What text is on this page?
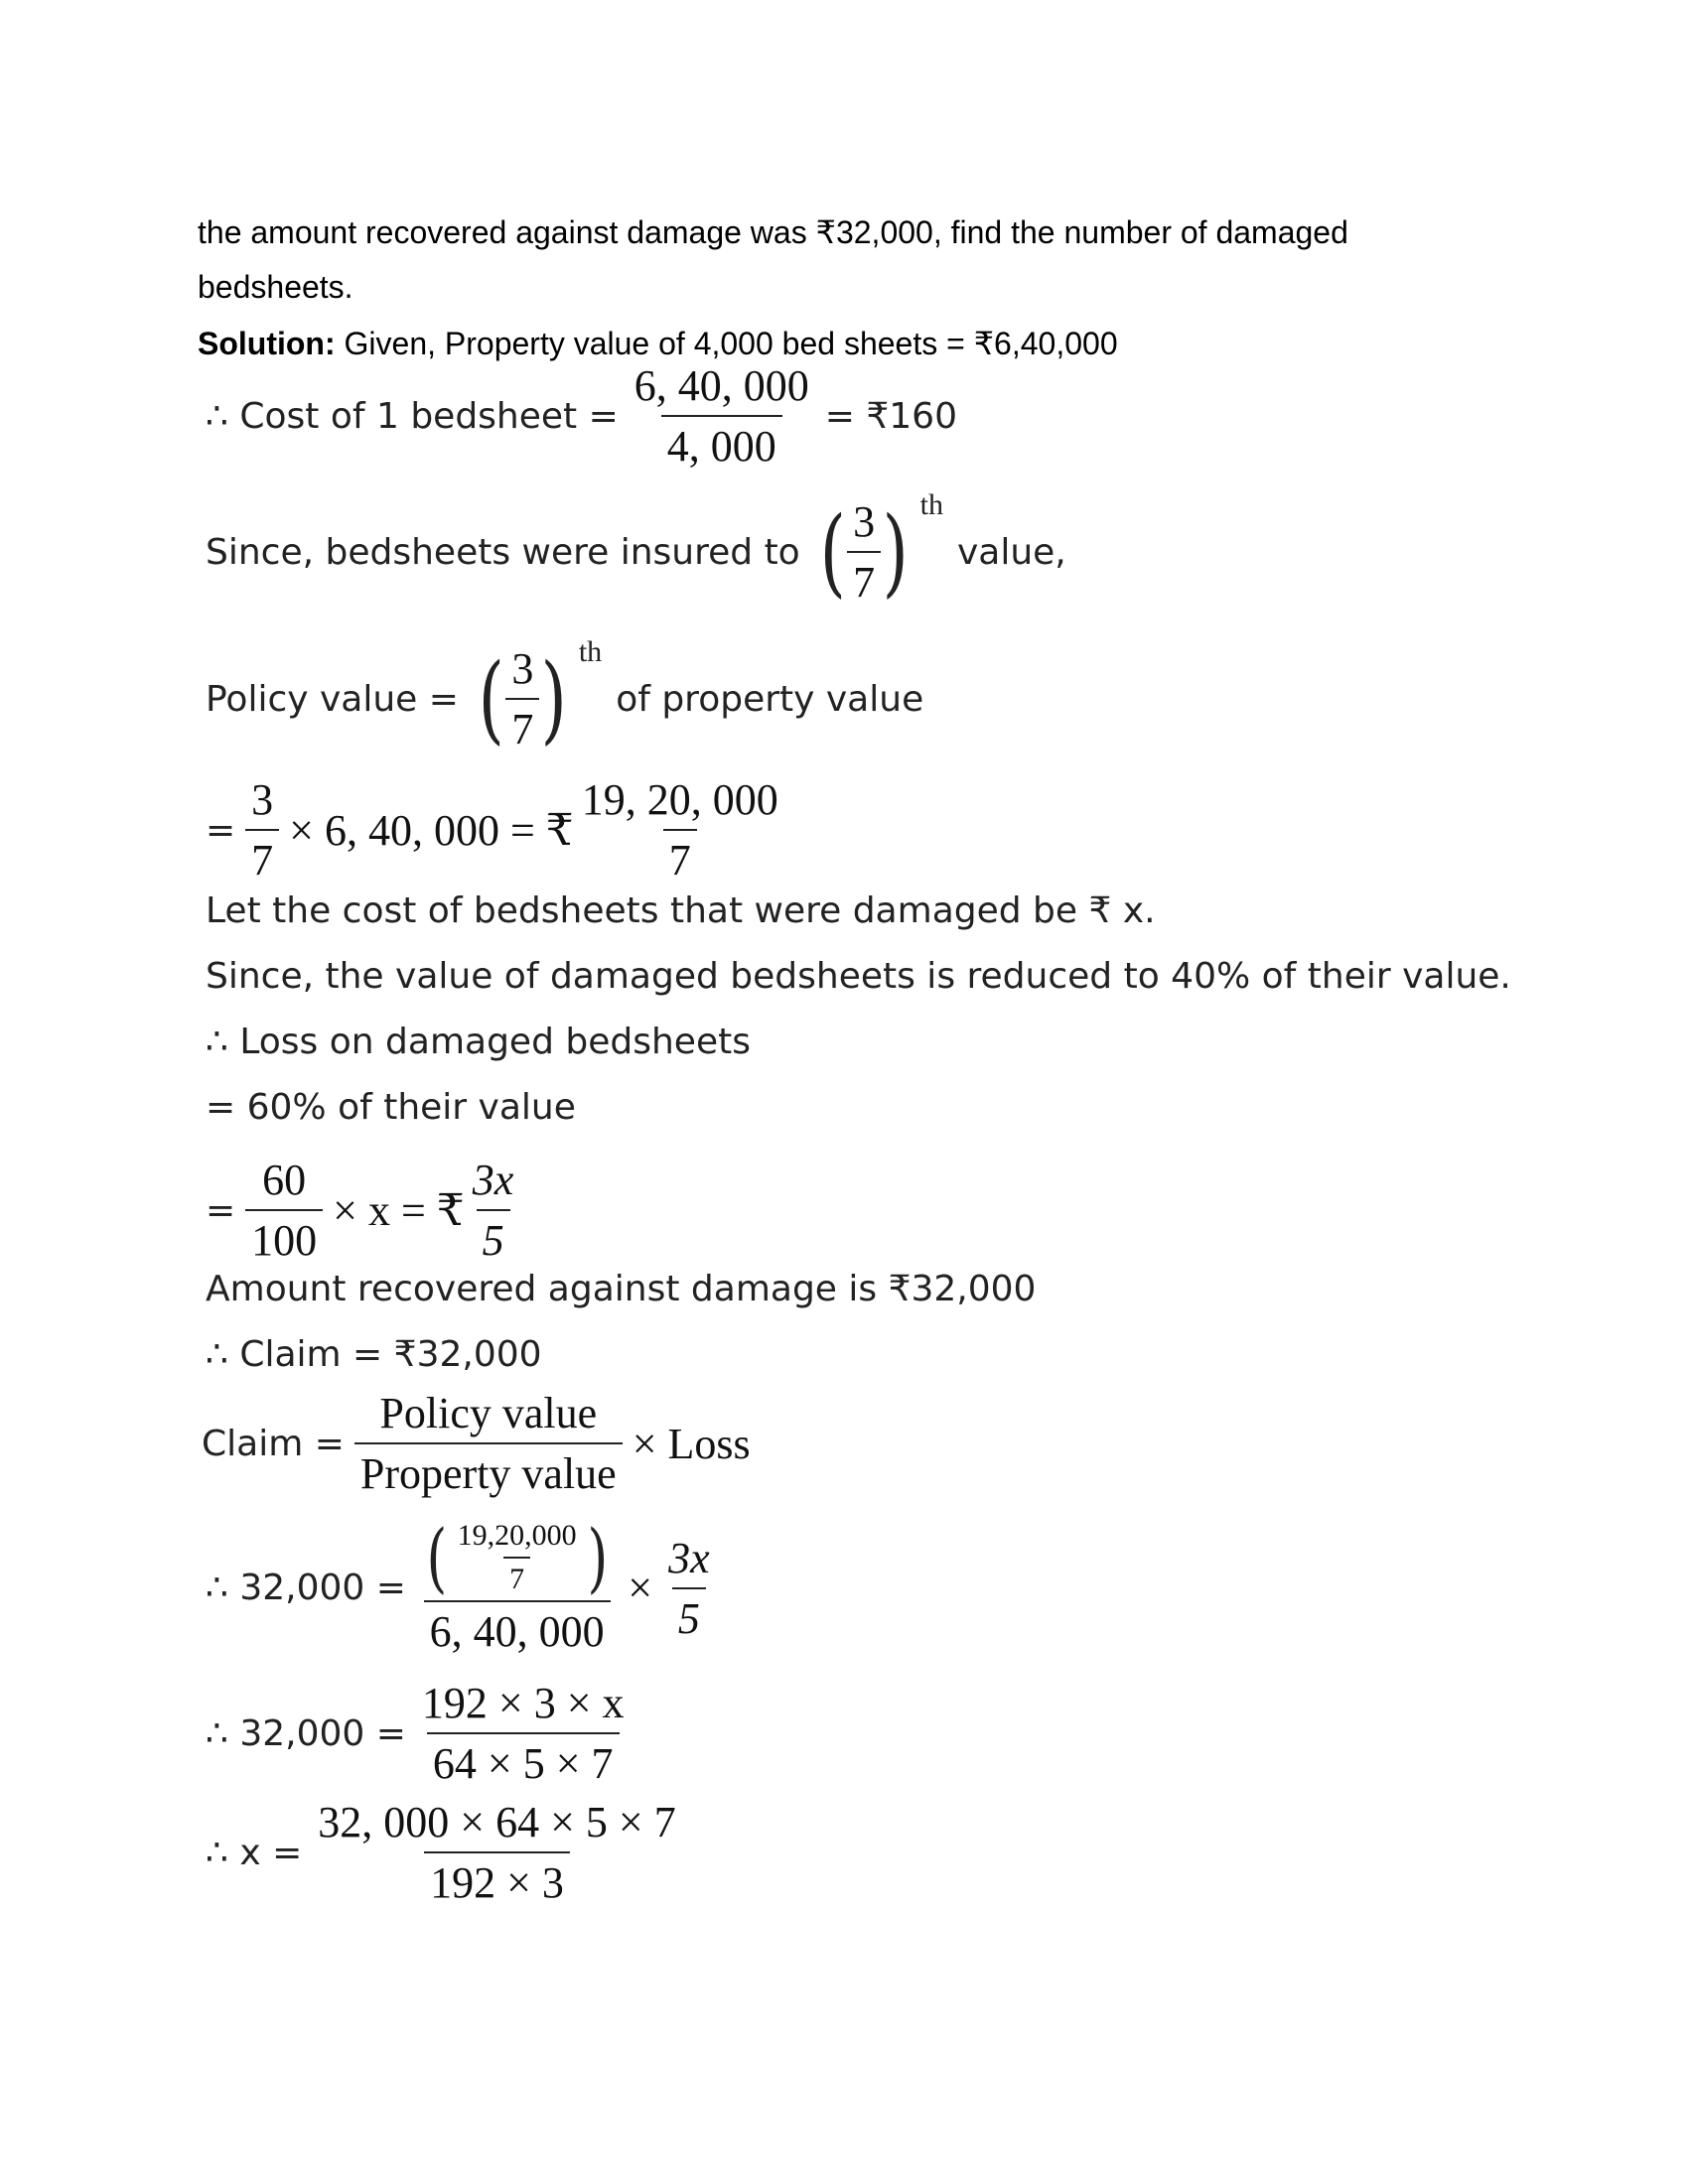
the amount recovered against damage was ₹32,000, find the number of damaged
bedsheets.
Solution: Given, Property value of 4,000 bed sheets = ₹6,40,000
∴ Cost of 1 bedsheet = $\frac{6, 40, 000}{4, 000}$ = ₹160
Since, bedsheets were insured to ( $\frac{3}{7}$ ) th
value,
Policy value = ( $\frac{3}{7}$ ) th
of property value
= $\frac{3}{7} \times 6$, 40, 000 = ₹ $\frac{19, 20, 000}{7}$
Let the cost of bedsheets that were damaged be ₹ x.
Since, the value of damaged bedsheets is reduced to 40% of their value.
∴ Loss on damaged bedsheets
= 60% of their value
= $\frac{60}{100} \times x$ = ₹ $\frac{3x}{5}$
Amount recovered against damage is ₹32,000
∴ Claim = ₹32,000
Claim = $\frac{\text{Policy value}}{\text{Property value}}$ × Loss
∴ 32,000 = ( $\frac{19,20,000}{7}$ )
6, 40, 000
× $\frac{3x}{5}$
∴ $32,000 = \frac{192 \times 3 \times x}{64 \times 5 \times 7}$
∴ $x = \frac{32, 000 \times 64 \times 5 \times 7}{192 \times 3}$
